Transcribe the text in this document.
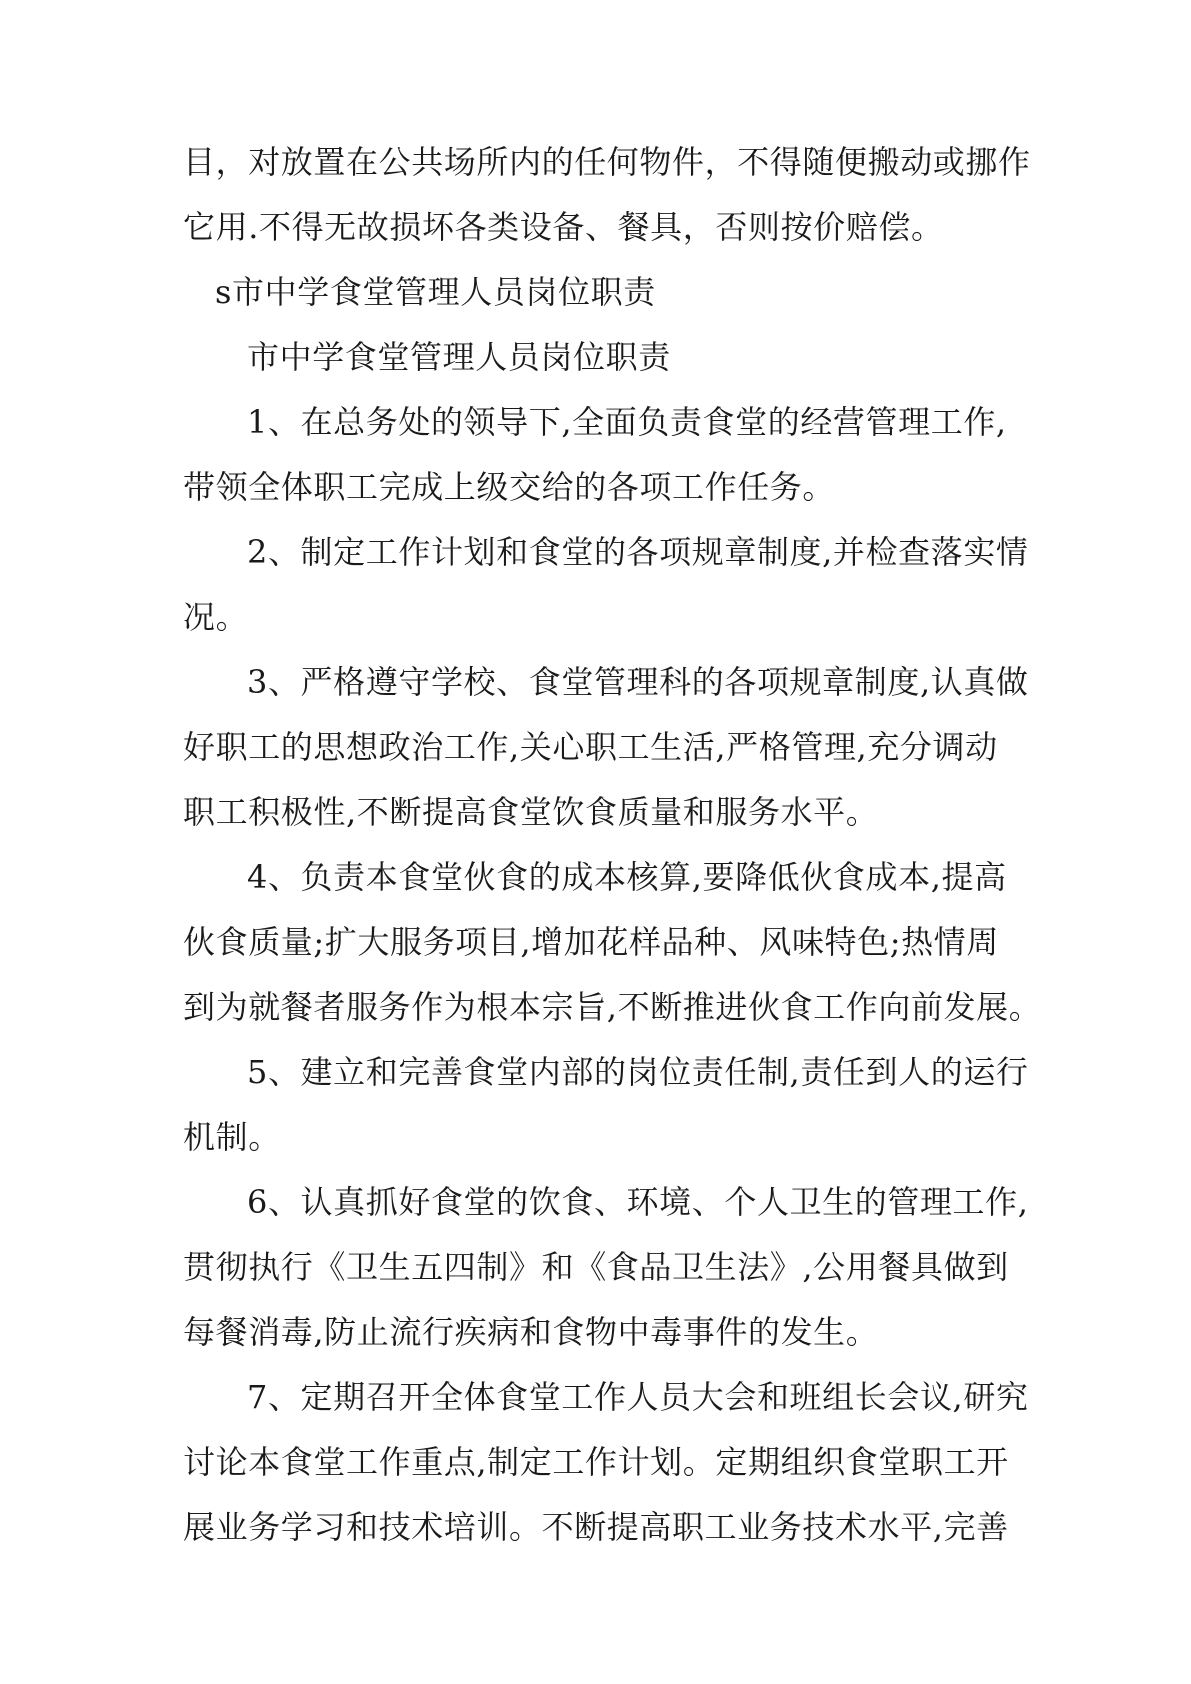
目，对放置在公共场所内的任何物件，不得随便搬动或挪作
它用.不得无故损坏各类设备、餐具，否则按价赔偿。
s市中学食堂管理人员岗位职责
市中学食堂管理人员岗位职责
1、在总务处的领导下,全面负责食堂的经营管理工作,
带领全体职工完成上级交给的各项工作任务。
2、制定工作计划和食堂的各项规章制度,并检查落实情
况。
3、严格遵守学校、食堂管理科的各项规章制度,认真做
好职工的思想政治工作,关心职工生活,严格管理,充分调动
职工积极性,不断提高食堂饮食质量和服务水平。
4、负责本食堂伙食的成本核算,要降低伙食成本,提高
伙食质量;扩大服务项目,增加花样品种、风味特色;热情周
到为就餐者服务作为根本宗旨,不断推进伙食工作向前发展。
5、建立和完善食堂内部的岗位责任制,责任到人的运行
机制。
6、认真抓好食堂的饮食、环境、个人卫生的管理工作,
贯彻执行《卫生五四制》和《食品卫生法》,公用餐具做到
每餐消毒,防止流行疾病和食物中毒事件的发生。
7、定期召开全体食堂工作人员大会和班组长会议,研究
讨论本食堂工作重点,制定工作计划。定期组织食堂职工开
展业务学习和技术培训。不断提高职工业务技术水平,完善
